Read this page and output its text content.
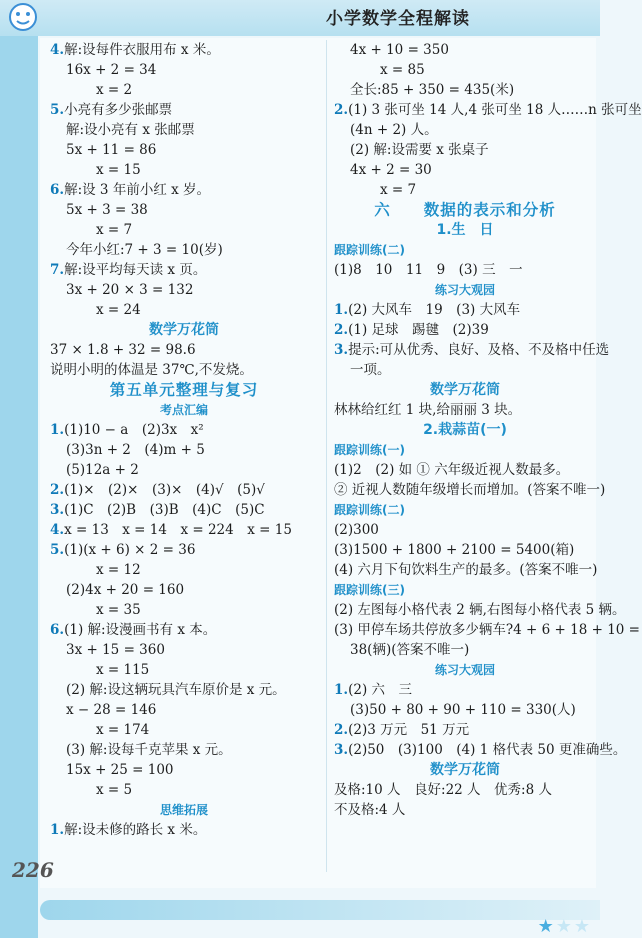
小学数学全程解读
4.解:设每件衣服用布 x 米。
16x + 2 = 34
x = 2
5.小亮有多少张邮票
解:设小亮有 x 张邮票
5x + 11 = 86
x = 15
6.解:设 3 年前小红 x 岁。
5x + 3 = 38
x = 7
今年小红:7 + 3 = 10(岁)
7.解:设平均每天读 x 页。
3x + 20 × 3 = 132
x = 24
数学万花筒
37 × 1.8 + 32 = 98.6
说明小明的体温是 37℃,不发烧。
第五单元整理与复习
考点汇编
1.(1)10 − a　(2)3x　x²
(3)3n + 2　(4)m + 5
(5)12a + 2
2.(1)×　(2)×　(3)×　(4)√　(5)√
3.(1)C　(2)B　(3)B　(4)C　(5)C
4.x = 13　x = 14　x = 224　x = 15
5.(1)(x + 6) × 2 = 36
x = 12
(2)4x + 20 = 160
x = 35
6.(1) 解:设漫画书有 x 本。
3x + 15 = 360
x = 115
(2) 解:设这辆玩具汽车原价是 x 元。
x − 28 = 146
x = 174
(3) 解:设每千克苹果 x 元。
15x + 25 = 100
x = 5
思维拓展
1.解:设未修的路长 x 米。
4x + 10 = 350
x = 85
全长:85 + 350 = 435(米)
2.(1) 3 张可坐 14 人,4 张可坐 18 人……n 张可坐
(4n + 2) 人。
(2) 解:设需要 x 张桌子
4x + 2 = 30
x = 7
六　　数据的表示和分析
1.生　日
跟踪训练(二)
(1)8　10　11　9　(3) 三　一
练习大观园
1.(2) 大风车　19　(3) 大风车
2.(1) 足球　踢毽　(2)39
3.提示:可从优秀、良好、及格、不及格中任选
一项。
数学万花筒
林林给红红 1 块,给丽丽 3 块。
2.栽蒜苗(一)
跟踪训练(一)
(1)2　(2) 如 ① 六年级近视人数最多。
② 近视人数随年级增长而增加。(答案不唯一)
跟踪训练(二)
(2)300
(3)1500 + 1800 + 2100 = 5400(箱)
(4) 六月下旬饮料生产的最多。(答案不唯一)
跟踪训练(三)
(2) 左图每小格代表 2 辆,右图每小格代表 5 辆。
(3) 甲停车场共停放多少辆车?4 + 6 + 18 + 10 =
38(辆)(答案不唯一)
练习大观园
1.(2) 六　三
(3)50 + 80 + 90 + 110 = 330(人)
2.(2)3 万元　51 万元
3.(2)50　(3)100　(4) 1 格代表 50 更准确些。
数学万花筒
及格:10 人　良好:22 人　优秀:8 人
不及格:4 人
226
★★★
